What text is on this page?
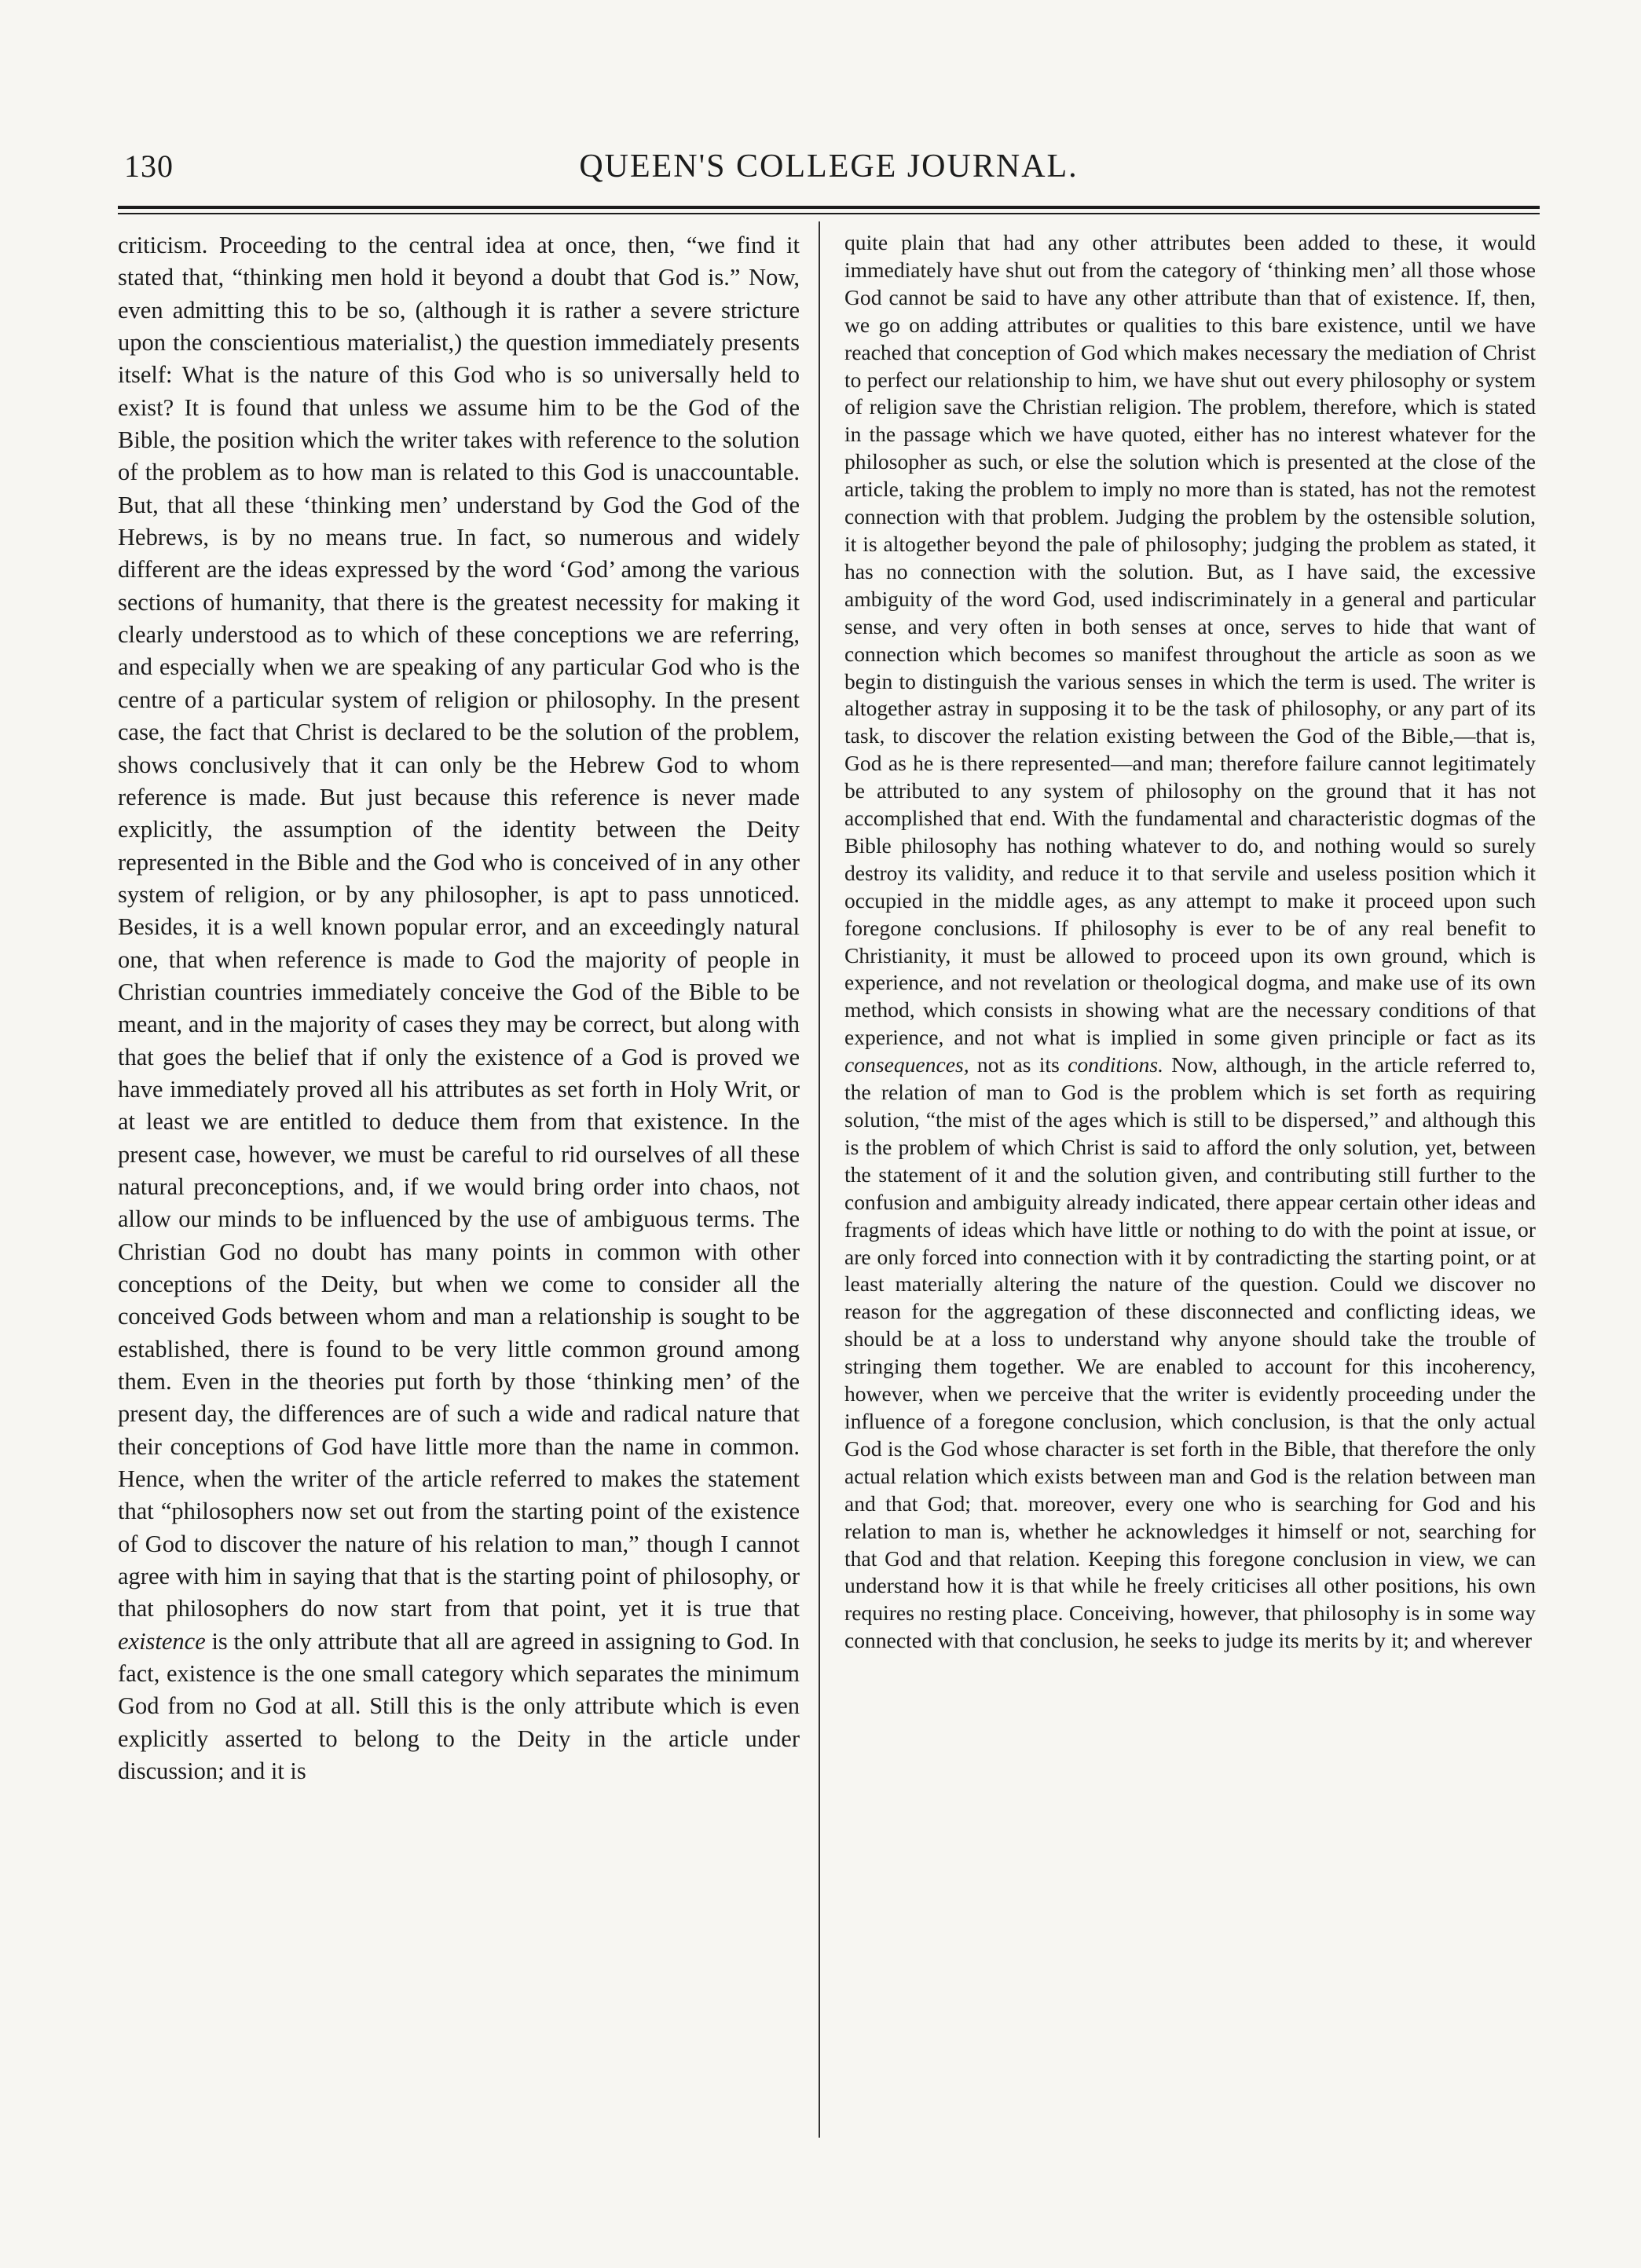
130	QUEEN'S COLLEGE JOURNAL.

criticism. Proceeding to the central idea at once, then, “we find it stated that, “thinking men hold it beyond a doubt that God is.” Now, even admitting this to be so, (although it is rather a severe stricture upon the conscientious materialist,) the question immediately presents itself: What is the nature of this God who is so universally held to exist? It is found that unless we assume him to be the God of the Bible, the position which the writer takes with reference to the solution of the problem as to how man is related to this God is unaccountable. But, that all these ‘thinking men’ understand by God the God of the Hebrews, is by no means true. In fact, so numerous and widely different are the ideas expressed by the word ‘God’ among the various sections of humanity, that there is the greatest necessity for making it clearly understood as to which of these conceptions we are referring, and especially when we are speaking of any particular God who is the centre of a particular system of religion or philosophy. In the present case, the fact that Christ is declared to be the solution of the problem, shows conclusively that it can only be the Hebrew God to whom reference is made. But just because this reference is never made explicitly, the assumption of the identity between the Deity represented in the Bible and the God who is conceived of in any other system of religion, or by any philosopher, is apt to pass unnoticed. Besides, it is a well known popular error, and an exceedingly natural one, that when reference is made to God the majority of people in Christian countries immediately conceive the God of the Bible to be meant, and in the majority of cases they may be correct, but along with that goes the belief that if only the existence of a God is proved we have immediately proved all his attributes as set forth in Holy Writ, or at least we are entitled to deduce them from that existence. In the present case, however, we must be careful to rid ourselves of all these natural preconceptions, and, if we would bring order into chaos, not allow our minds to be influenced by the use of ambiguous terms. The Christian God no doubt has many points in common with other conceptions of the Deity, but when we come to consider all the conceived Gods between whom and man a relationship is sought to be established, there is found to be very little common ground among them. Even in the theories put forth by those ‘thinking men’ of the present day, the differences are of such a wide and radical nature that their conceptions of God have little more than the name in common. Hence, when the writer of the article referred to makes the statement that “philosophers now set out from the starting point of the existence of God to discover the nature of his relation to man,” though I cannot agree with him in saying that that is the starting point of philosophy, or that philosophers do now start from that point, yet it is true that existence is the only attribute that all are agreed in assigning to God. In fact, existence is the one small category which separates the minimum God from no God at all. Still this is the only attribute which is even explicitly asserted to belong to the Deity in the article under discussion; and it is

quite plain that had any other attributes been added to these, it would immediately have shut out from the category of ‘thinking men’ all those whose God cannot be said to have any other attribute than that of existence. If, then, we go on adding attributes or qualities to this bare existence, until we have reached that conception of God which makes necessary the mediation of Christ to perfect our relationship to him, we have shut out every philosophy or system of religion save the Christian religion. The problem, therefore, which is stated in the passage which we have quoted, either has no interest whatever for the philosopher as such, or else the solution which is presented at the close of the article, taking the problem to imply no more than is stated, has not the remotest connection with that problem. Judging the problem by the ostensible solution, it is altogether beyond the pale of philosophy; judging the problem as stated, it has no connection with the solution. But, as I have said, the excessive ambiguity of the word God, used indiscriminately in a general and particular sense, and very often in both senses at once, serves to hide that want of connection which becomes so manifest throughout the article as soon as we begin to distinguish the various senses in which the term is used. The writer is altogether astray in supposing it to be the task of philosophy, or any part of its task, to discover the relation existing between the God of the Bible,—that is, God as he is there represented—and man; therefore failure cannot legitimately be attributed to any system of philosophy on the ground that it has not accomplished that end. With the fundamental and characteristic dogmas of the Bible philosophy has nothing whatever to do, and nothing would so surely destroy its validity, and reduce it to that servile and useless position which it occupied in the middle ages, as any attempt to make it proceed upon such foregone conclusions. If philosophy is ever to be of any real benefit to Christianity, it must be allowed to proceed upon its own ground, which is experience, and not revelation or theological dogma, and make use of its own method, which consists in showing what are the necessary conditions of that experience, and not what is implied in some given principle or fact as its consequences, not as its conditions. Now, although, in the article referred to, the relation of man to God is the problem which is set forth as requiring solution, “the mist of the ages which is still to be dispersed,” and although this is the problem of which Christ is said to afford the only solution, yet, between the statement of it and the solution given, and contributing still further to the confusion and ambiguity already indicated, there appear certain other ideas and fragments of ideas which have little or nothing to do with the point at issue, or are only forced into connection with it by contradicting the starting point, or at least materially altering the nature of the question. Could we discover no reason for the aggregation of these disconnected and conflicting ideas, we should be at a loss to understand why anyone should take the trouble of stringing them together. We are enabled to account for this incoherency, however, when we perceive that the writer is evidently proceeding under the influence of a foregone conclusion, which conclusion, is that the only actual God is the God whose character is set forth in the Bible, that therefore the only actual relation which exists between man and God is the relation between man and that God; that. moreover, every one who is searching for God and his relation to man is, whether he acknowledges it himself or not, searching for that God and that relation. Keeping this foregone conclusion in view, we can understand how it is that while he freely criticises all other positions, his own requires no resting place. Conceiving, however, that philosophy is in some way connected with that conclusion, he seeks to judge its merits by it; and wherever
